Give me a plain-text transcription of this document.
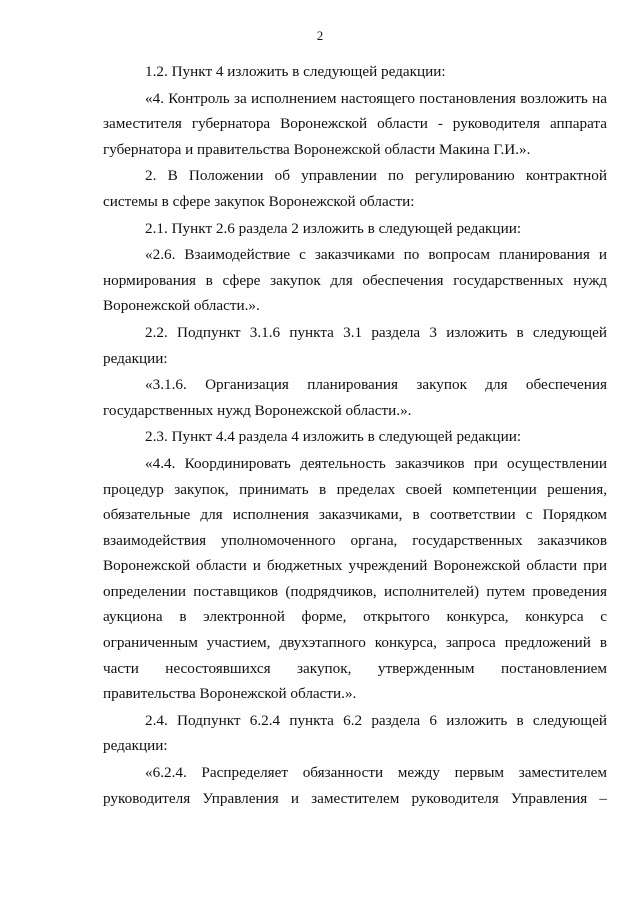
2
1.2. Пункт 4 изложить в следующей редакции:
«4. Контроль за исполнением настоящего постановления возложить на
заместителя губернатора Воронежской области - руководителя аппарата
губернатора и правительства Воронежской области Макина Г.И.».
2. В Положении об управлении по регулированию контрактной
системы в сфере закупок Воронежской области:
2.1. Пункт 2.6 раздела 2 изложить в следующей редакции:
«2.6. Взаимодействие с заказчиками по вопросам планирования и
нормирования в сфере закупок для обеспечения государственных нужд
Воронежской области.».
2.2. Подпункт 3.1.6 пункта 3.1 раздела 3 изложить в следующей
редакции:
«3.1.6. Организация планирования закупок для обеспечения
государственных нужд Воронежской области.».
2.3. Пункт 4.4 раздела 4 изложить в следующей редакции:
«4.4. Координировать деятельность заказчиков при осуществлении
процедур закупок, принимать в пределах своей компетенции решения,
обязательные для исполнения заказчиками, в соответствии с Порядком
взаимодействия уполномоченного органа, государственных заказчиков
Воронежской области и бюджетных учреждений Воронежской области при
определении поставщиков (подрядчиков, исполнителей) путем проведения
аукциона в электронной форме, открытого конкурса, конкурса с
ограниченным участием, двухэтапного конкурса, запроса предложений в
части несостоявшихся закупок, утвержденным постановлением
правительства Воронежской области.».
2.4. Подпункт 6.2.4 пункта 6.2 раздела 6 изложить в следующей
редакции:
«6.2.4. Распределяет обязанности между первым заместителем
руководителя Управления и заместителем руководителя Управления –
